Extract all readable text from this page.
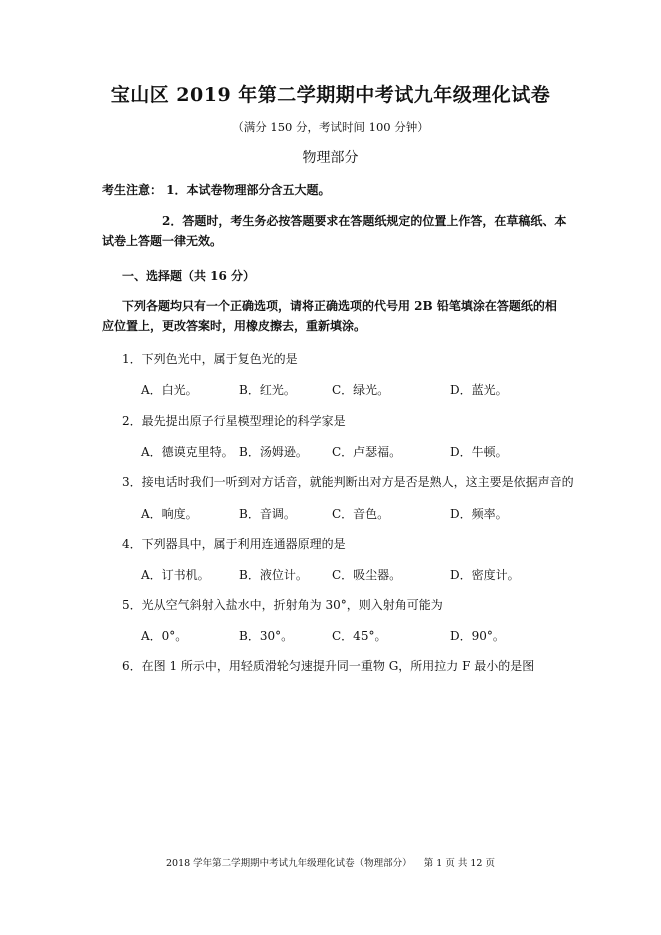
宝山区 2019 年第二学期期中考试九年级理化试卷
（满分 150 分，考试时间 100 分钟）
物理部分
考生注意： 1．本试卷物理部分含五大题。
2．答题时，考生务必按答题要求在答题纸规定的位置上作答，在草稿纸、本试卷上答题一律无效。
一、选择题（共 16 分）
下列各题均只有一个正确选项，请将正确选项的代号用 2B 铅笔填涂在答题纸的相应位置上，更改答案时，用橡皮擦去，重新填涂。
1．下列色光中，属于复色光的是
A．白光。	B．红光。	C．绿光。	D．蓝光。
2．最先提出原子行星模型理论的科学家是
A．德谟克里特。 B．汤姆逊。 C．卢瑟福。	D．牛顿。
3．接电话时我们一听到对方话音，就能判断出对方是否是熟人，这主要是依据声音的
A．响度。	B．音调。	C．音色。	D．频率。
4．下列器具中，属于利用连通器原理的是
A．订书机。 B．液位计。 C．吸尘器。	D．密度计。
5．光从空气斜射入盐水中，折射角为 30°，则入射角可能为
A．0°。	B．30°。	C．45°。	D．90°。
6．在图 1 所示中，用轻质滑轮匀速提升同一重物 G，所用拉力 F 最小的是图
2018 学年第二学期期中考试九年级理化试卷（物理部分）    第 1 页 共 12 页
